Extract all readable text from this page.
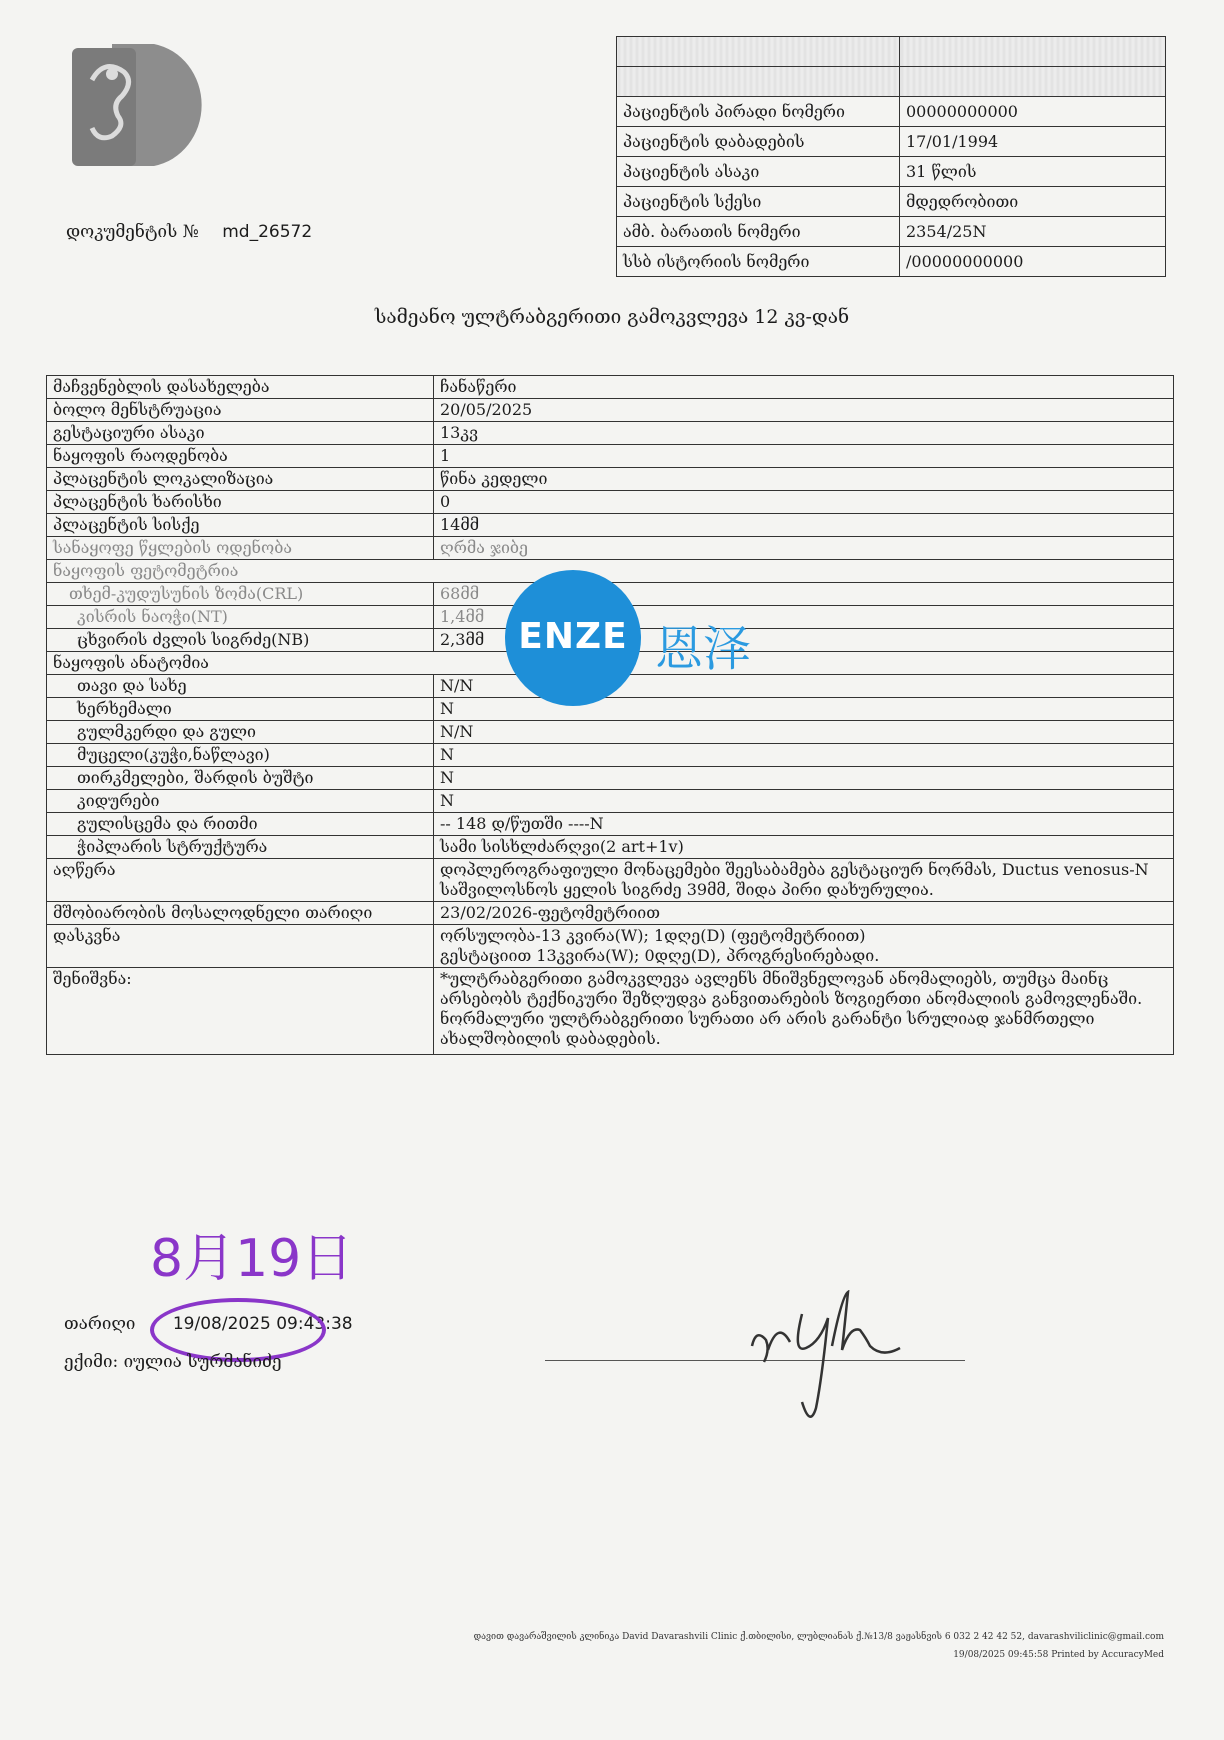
დოკუმენტის № md_26572

პაციენტის პირადი ნომერი	00000000000
პაციენტის დაბადების	17/01/1994
პაციენტის ასაკი	31 წლის
პაციენტის სქესი	მდედრობითი
ამბ. ბარათის ნომერი	2354/25N
სსბ ისტორიის ნომერი	/00000000000
სამეანო ულტრაბგერითი გამოკვლევა 12 კვ-დან
მაჩვენებლის დასახელება	ჩანაწერი
ბოლო მენსტრუაცია	20/05/2025
გესტაციური ასაკი	13კვ
ნაყოფის რაოდენობა	1
პლაცენტის ლოკალიზაცია	წინა კედელი
პლაცენტის ხარისხი	0
პლაცენტის სისქე	14მმ
სანაყოფე წყლების ოდენობა	ღრმა ჯიბე
ნაყოფის ფეტომეტრია	
თხემ-კუდუსუნის ზომა(CRL)	68მმ
კისრის ნაოჭი(NT)	1,4მმ
ცხვირის ძვლის სიგრძე(NB)	2,3მმ
ნაყოფის ანატომია	
თავი და სახე	N/N
ხერხემალი	N
გულმკერდი და გული	N/N
მუცელი(კუჭი,ნაწლავი)	N
თირკმელები, შარდის ბუშტი	N
კიდურები	N
გულისცემა და რითმი	-- 148 დ/წუთში ----N
ჭიპლარის სტრუქტურა	სამი სისხლძარღვი(2 art+1v)
აღწერა	დოპლეროგრაფიული მონაცემები შეესაბამება გესტაციურ ნორმას, Ductus venosus-N
საშვილოსნოს ყელის სიგრძე 39მმ, შიდა პირი დახურულია.

მშობიარობის მოსალოდნელი თარიღი	23/02/2026-ფეტომეტრიით
დასკვნა	ორსულობა-13 კვირა(W); 1დღე(D) (ფეტომეტრიით)
გესტაციით 13კვირა(W); 0დღე(D), პროგრესირებადი.

შენიშვნა:	*ულტრაბგერითი გამოკვლევა ავლენს მნიშვნელოვან ანომალიებს, თუმცა მაინც არსებობს ტექნიკური შეზღუდვა განვითარების ზოგიერთი ანომალიის გამოვლენაში. ნორმალური ულტრაბგერითი სურათი არ არის გარანტი სრულიად ჯანმრთელი ახალშობილის დაბადების.
ENZE 恩泽
8月19日
თარიღი 19/08/2025 09:43:38
ექიმი: იულია სურმანიძე
დავით დავარაშვილის კლინიკა David Davarashvili Clinic ქ.თბილისი, ლუბლიანას ქ.№13/8 ვაჟასნვის 6 032 2 42 42 52, davarashviliclinic@gmail.com
19/08/2025 09:45:58 Printed by AccuracyMed
